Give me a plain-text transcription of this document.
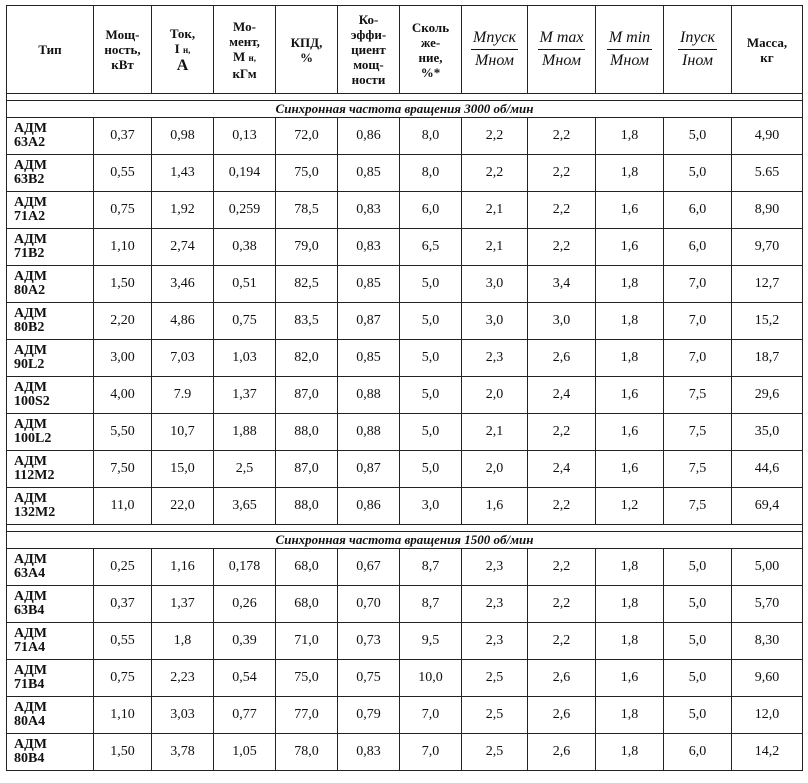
Тип	Мощ-
ность,
кВт	Ток,
I н,
А	Мо-
мент,
М н,
кГм	КПД,
%	Ко-
эффи-
циент
мощ-
ности	Сколь
же-
ние,
%*	$\frac{\text{Мпуск}}{\text{Мном}}$	$\frac{\text{М max}}{\text{Мном}}$	$\frac{\text{М min}}{\text{Мном}}$	$\frac{\text{Iпуск}}{\text{Iном}}$	Масса,
кг

Синхронная частота вращения 3000 об/мин											
АДМ
63А2	0,37	0,98	0,13	72,0	0,86	8,0	2,2	2,2	1,8	5,0	4,90
АДМ
63В2	0,55	1,43	0,194	75,0	0,85	8,0	2,2	2,2	1,8	5,0	5.65
АДМ
71А2	0,75	1,92	0,259	78,5	0,83	6,0	2,1	2,2	1,6	6,0	8,90
АДМ
71В2	1,10	2,74	0,38	79,0	0,83	6,5	2,1	2,2	1,6	6,0	9,70
АДМ
80А2	1,50	3,46	0,51	82,5	0,85	5,0	3,0	3,4	1,8	7,0	12,7
АДМ
80В2	2,20	4,86	0,75	83,5	0,87	5,0	3,0	3,0	1,8	7,0	15,2
АДМ
90L2	3,00	7,03	1,03	82,0	0,85	5,0	2,3	2,6	1,8	7,0	18,7
АДМ
100S2	4,00	7.9	1,37	87,0	0,88	5,0	2,0	2,4	1,6	7,5	29,6
АДМ
100L2	5,50	10,7	1,88	88,0	0,88	5,0	2,1	2,2	1,6	7,5	35,0
АДМ
112М2	7,50	15,0	2,5	87,0	0,87	5,0	2,0	2,4	1,6	7,5	44,6
АДМ
132М2	11,0	22,0	3,65	88,0	0,86	3,0	1,6	2,2	1,2	7,5	69,4

Синхронная частота вращения 1500 об/мин											
АДМ
63А4	0,25	1,16	0,178	68,0	0,67	8,7	2,3	2,2	1,8	5,0	5,00
АДМ
63В4	0,37	1,37	0,26	68,0	0,70	8,7	2,3	2,2	1,8	5,0	5,70
АДМ
71А4	0,55	1,8	0,39	71,0	0,73	9,5	2,3	2,2	1,8	5,0	8,30
АДМ
71В4	0,75	2,23	0,54	75,0	0,75	10,0	2,5	2,6	1,6	5,0	9,60
АДМ
80А4	1,10	3,03	0,77	77,0	0,79	7,0	2,5	2,6	1,8	5,0	12,0
АДМ
80В4	1,50	3,78	1,05	78,0	0,83	7,0	2,5	2,6	1,8	6,0	14,2
